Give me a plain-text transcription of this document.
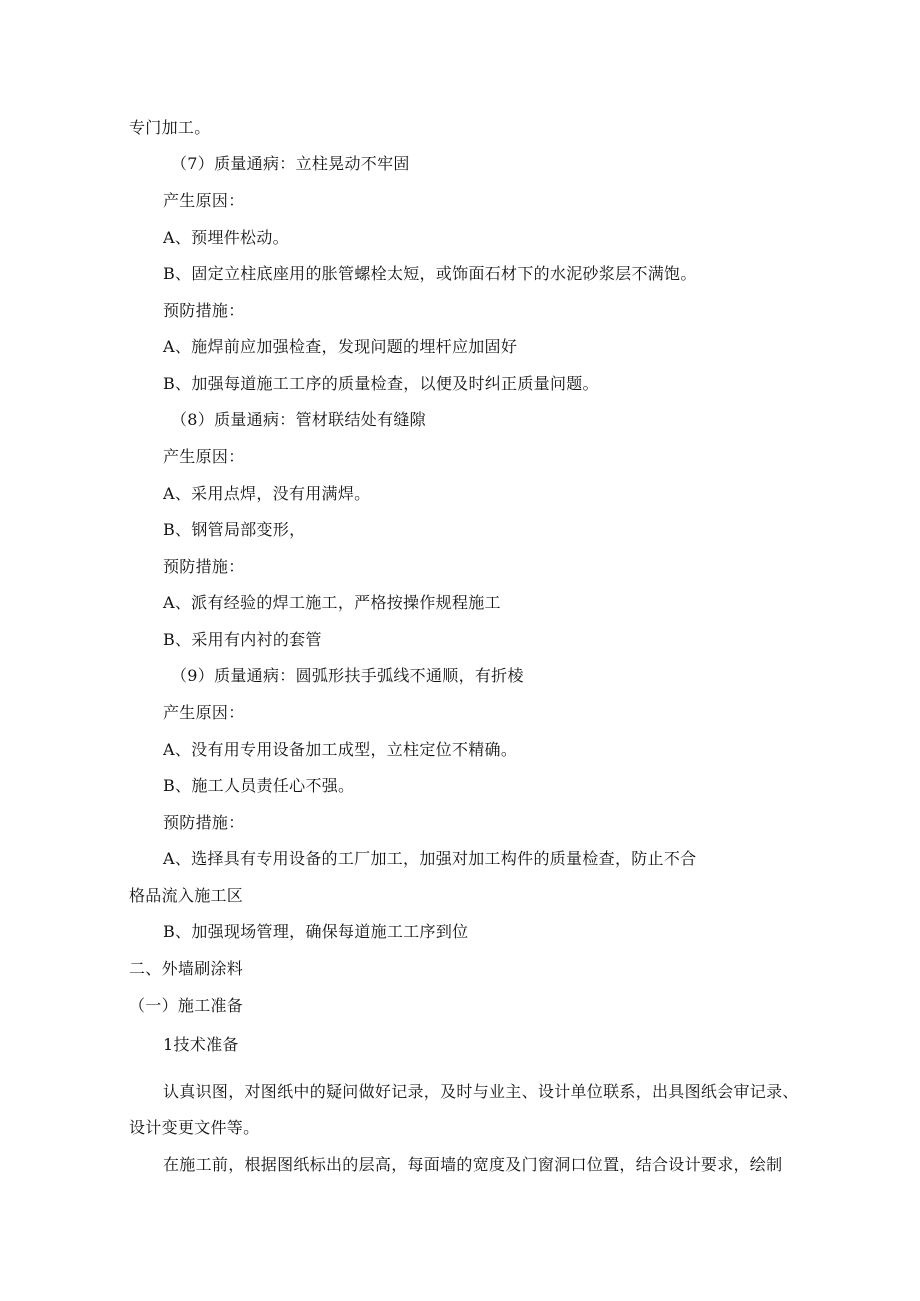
专门加工。
（7）质量通病：立柱晃动不牢固
产生原因：
A、预埋件松动。
B、固定立柱底座用的胀管螺栓太短，或饰面石材下的水泥砂浆层不满饱。
预防措施：
A、施焊前应加强检查，发现问题的埋杆应加固好
B、加强每道施工工序的质量检查，以便及时纠正质量问题。
（8）质量通病：管材联结处有缝隙
产生原因：
A、采用点焊，没有用满焊。
B、钢管局部变形，
预防措施：
A、派有经验的焊工施工，严格按操作规程施工
B、采用有内衬的套管
（9）质量通病：圆弧形扶手弧线不通顺，有折棱
产生原因：
A、没有用专用设备加工成型，立柱定位不精确。
B、施工人员责任心不强。
预防措施：
A、选择具有专用设备的工厂加工，加强对加工构件的质量检查，防止不合
格品流入施工区
B、加强现场管理，确保每道施工工序到位
二、外墙刷涂料
（一）施工准备
1技术准备
认真识图，对图纸中的疑问做好记录，及时与业主、设计单位联系，出具图纸会审记录、
设计变更文件等。
在施工前，根据图纸标出的层高，每面墙的宽度及门窗洞口位置，结合设计要求，绘制
